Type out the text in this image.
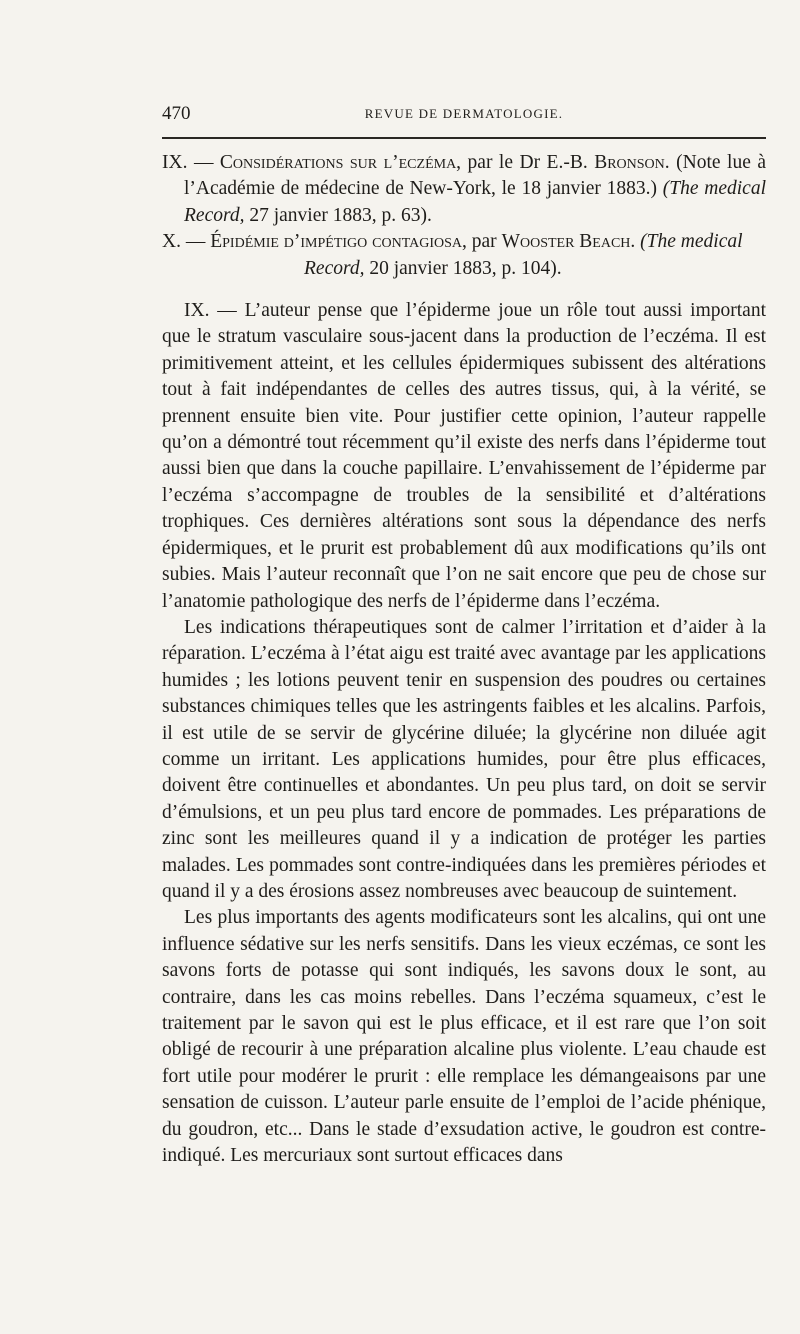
470	REVUE DE DERMATOLOGIE.

IX. — Considérations sur l’eczéma, par le Dr E.-B. Bronson. (Note lue à l’Académie de médecine de New-York, le 18 janvier 1883.) (The medical Record, 27 janvier 1883, p. 63).

X. — Épidémie d’impétigo contagiosa, par Wooster Beach. (The medical
Record, 20 janvier 1883, p. 104).

IX. — L’auteur pense que l’épiderme joue un rôle tout aussi important que le stratum vasculaire sous-jacent dans la production de l’eczéma. Il est primitivement atteint, et les cellules épidermiques subissent des altérations tout à fait indépendantes de celles des autres tissus, qui, à la vérité, se prennent ensuite bien vite. Pour justifier cette opinion, l’auteur rappelle qu’on a démontré tout récemment qu’il existe des nerfs dans l’épiderme tout aussi bien que dans la couche papillaire. L’envahissement de l’épiderme par l’eczéma s’accompagne de troubles de la sensibilité et d’altérations trophiques. Ces dernières altérations sont sous la dépendance des nerfs épidermiques, et le prurit est probablement dû aux modifications qu’ils ont subies. Mais l’auteur reconnaît que l’on ne sait encore que peu de chose sur l’anatomie pathologique des nerfs de l’épiderme dans l’eczéma.

Les indications thérapeutiques sont de calmer l’irritation et d’aider à la réparation. L’eczéma à l’état aigu est traité avec avantage par les applications humides ; les lotions peuvent tenir en suspension des poudres ou certaines substances chimiques telles que les astringents faibles et les alcalins. Parfois, il est utile de se servir de glycérine diluée; la glycérine non diluée agit comme un irritant. Les applications humides, pour être plus efficaces, doivent être continuelles et abondantes. Un peu plus tard, on doit se servir d’émulsions, et un peu plus tard encore de pommades. Les préparations de zinc sont les meilleures quand il y a indication de protéger les parties malades. Les pommades sont contre-indiquées dans les premières périodes et quand il y a des érosions assez nombreuses avec beaucoup de suintement.

Les plus importants des agents modificateurs sont les alcalins, qui ont une influence sédative sur les nerfs sensitifs. Dans les vieux eczémas, ce sont les savons forts de potasse qui sont indiqués, les savons doux le sont, au contraire, dans les cas moins rebelles. Dans l’eczéma squameux, c’est le traitement par le savon qui est le plus efficace, et il est rare que l’on soit obligé de recourir à une préparation alcaline plus violente. L’eau chaude est fort utile pour modérer le prurit : elle remplace les démangeaisons par une sensation de cuisson. L’auteur parle ensuite de l’emploi de l’acide phénique, du goudron, etc... Dans le stade d’exsudation active, le goudron est contre-indiqué. Les mercuriaux sont surtout efficaces dans
